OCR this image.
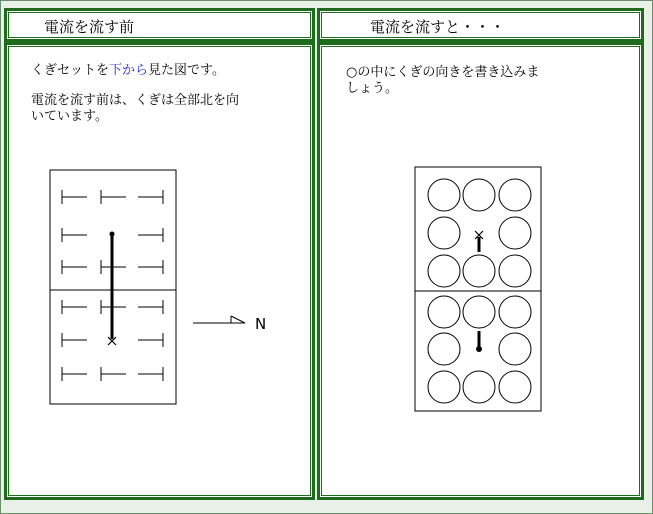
電流を流す前	電流を流すと・・・
くぎセットを下から見た図です。
電流を流す前は、くぎは全部北を向
いています。
N
○の中にくぎの向きを書き込みま
しょう。
